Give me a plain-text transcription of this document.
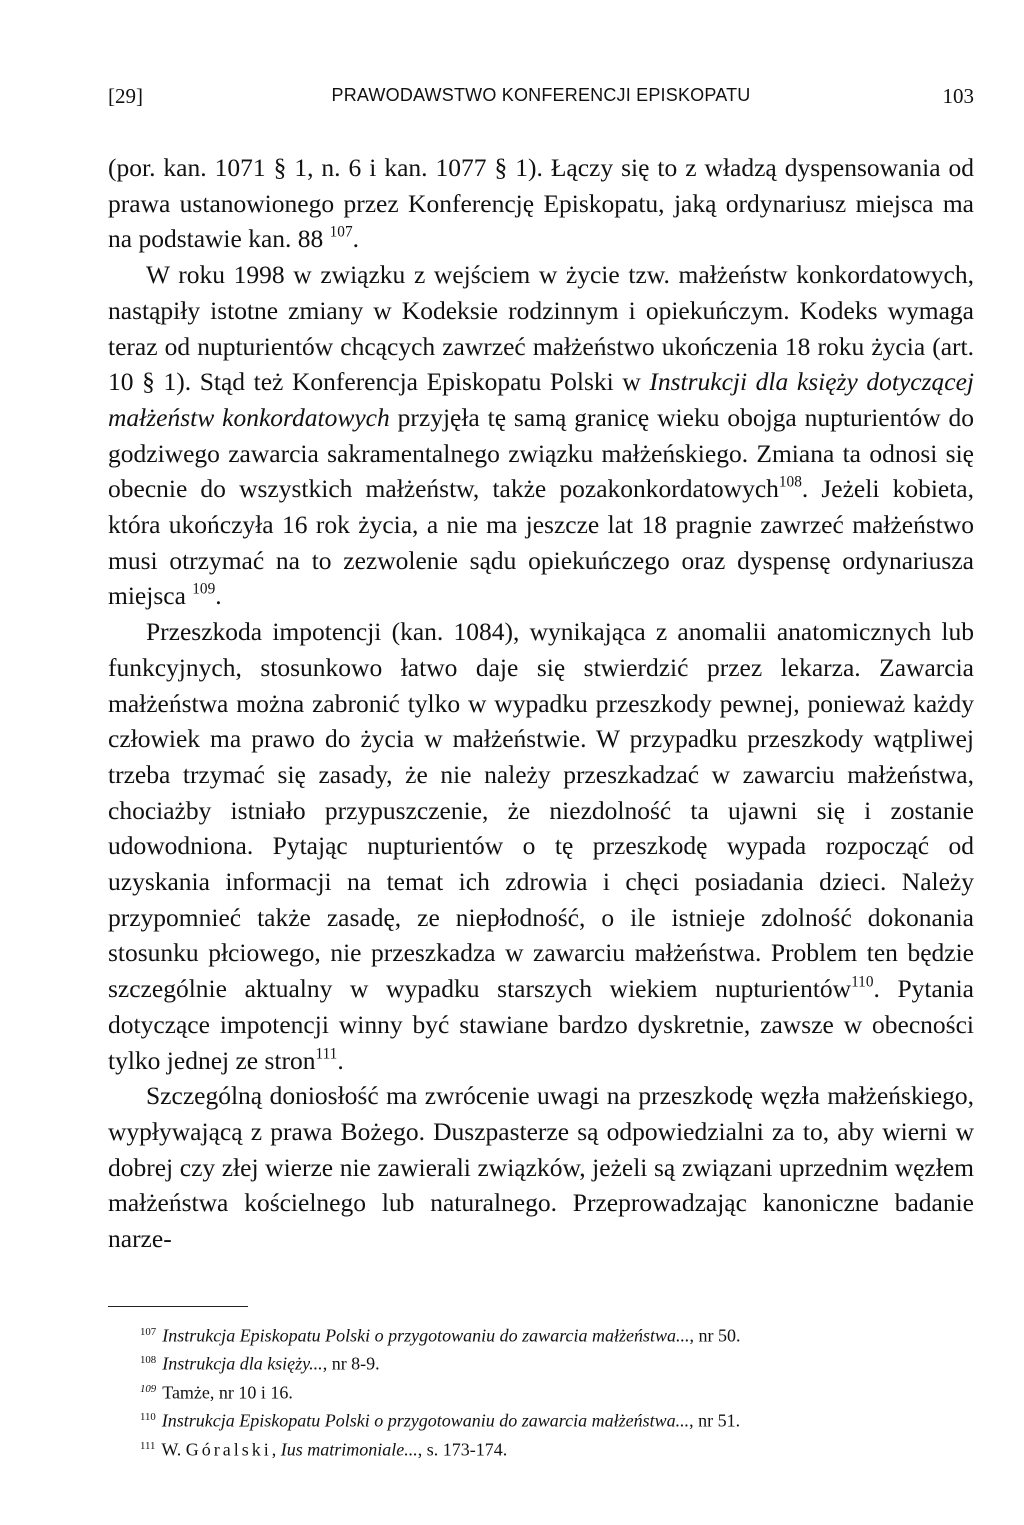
[29]	PRAWODAWSTWO KONFERENCJI EPISKOPATU	103

(por. kan. 1071 § 1, n. 6 i kan. 1077 § 1). Łączy się to z władzą dyspensowania od prawa ustanowionego przez Konferencję Episkopatu, jaką ordynariusz miejsca ma na podstawie kan. 88 $^{107}$.

W roku 1998 w związku z wejściem w życie tzw. małżeństw konkordatowych, nastąpiły istotne zmiany w Kodeksie rodzinnym i opiekuńczym. Kodeks wymaga teraz od nupturientów chcących zawrzeć małżeństwo ukończenia 18 roku życia (art. 10 § 1). Stąd też Konferencja Episkopatu Polski w Instrukcji dla księży dotyczącej małżeństw konkordatowych przyjęła tę samą granicę wieku obojga nupturientów do godziwego zawarcia sakramentalnego związku małżeńskiego. Zmiana ta odnosi się obecnie do wszystkich małżeństw, także pozakonkordatowych$^{108}$. Jeżeli kobieta, która ukończyła 16 rok życia, a nie ma jeszcze lat 18 pragnie zawrzeć małżeństwo musi otrzymać na to zezwolenie sądu opiekuńczego oraz dyspensę ordynariusza miejsca $^{109}$.

Przeszkoda impotencji (kan. 1084), wynikająca z anomalii anatomicznych lub funkcyjnych, stosunkowo łatwo daje się stwierdzić przez lekarza. Zawarcia małżeństwa można zabronić tylko w wypadku przeszkody pewnej, ponieważ każdy człowiek ma prawo do życia w małżeństwie. W przypadku przeszkody wątpliwej trzeba trzymać się zasady, że nie należy przeszkadzać w zawarciu małżeństwa, chociażby istniało przypuszczenie, że niezdolność ta ujawni się i zostanie udowodniona. Pytając nupturientów o tę przeszkodę wypada rozpocząć od uzyskania informacji na temat ich zdrowia i chęci posiadania dzieci. Należy przypomnieć także zasadę, ze niepłodność, o ile istnieje zdolność dokonania stosunku płciowego, nie przeszkadza w zawarciu małżeństwa. Problem ten będzie szczególnie aktualny w wypadku starszych wiekiem nupturientów$^{110}$. Pytania dotyczące impotencji winny być stawiane bardzo dyskretnie, zawsze w obecności tylko jednej ze stron$^{111}$.

Szczególną doniosłość ma zwrócenie uwagi na przeszkodę węzła małżeńskiego, wypływającą z prawa Bożego. Duszpasterze są odpowiedzialni za to, aby wierni w dobrej czy złej wierze nie zawierali związków, jeżeli są związani uprzednim węzłem małżeństwa kościelnego lub naturalnego. Przeprowadzając kanoniczne badanie narze-

$^{107}$ Instrukcja Episkopatu Polski o przygotowaniu do zawarcia małżeństwa..., nr 50.
$^{108}$ Instrukcja dla księży..., nr 8-9.
$^{109}$ Tamże, nr 10 i 16.
$^{110}$ Instrukcja Episkopatu Polski o przygotowaniu do zawarcia małżeństwa..., nr 51.
$^{111}$ W. Góralski, Ius matrimoniale..., s. 173-174.
